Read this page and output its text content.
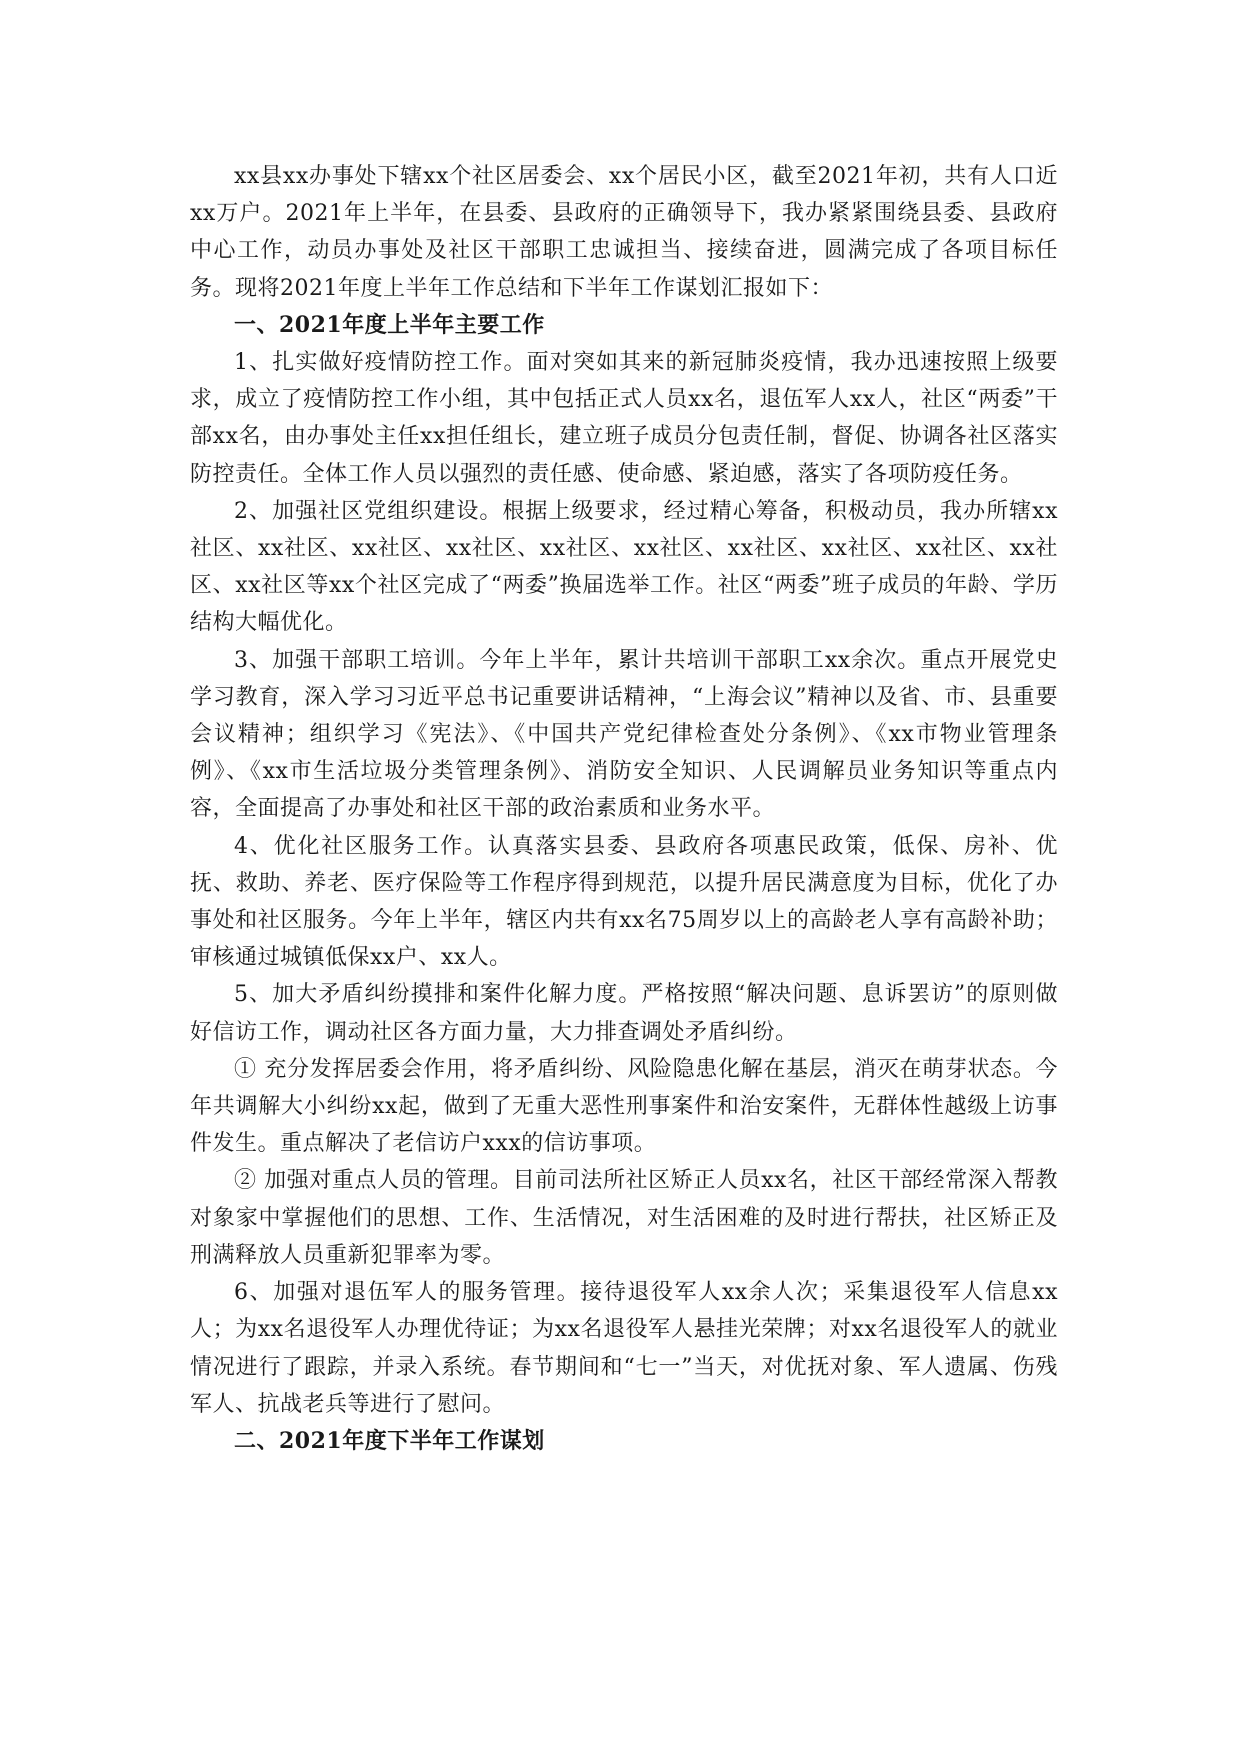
xx县xx办事处下辖xx个社区居委会、xx个居民小区，截至2021年初，共有人口近xx万户。2021年上半年，在县委、县政府的正确领导下，我办紧紧围绕县委、县政府中心工作，动员办事处及社区干部职工忠诚担当、接续奋进，圆满完成了各项目标任务。现将2021年度上半年工作总结和下半年工作谋划汇报如下：

一、2021年度上半年主要工作

1、扎实做好疫情防控工作。面对突如其来的新冠肺炎疫情，我办迅速按照上级要求，成立了疫情防控工作小组，其中包括正式人员xx名，退伍军人xx人，社区“两委”干部xx名，由办事处主任xx担任组长，建立班子成员分包责任制，督促、协调各社区落实防控责任。全体工作人员以强烈的责任感、使命感、紧迫感，落实了各项防疫任务。

2、加强社区党组织建设。根据上级要求，经过精心筹备，积极动员，我办所辖xx社区、xx社区、xx社区、xx社区、xx社区、xx社区、xx社区、xx社区、xx社区、xx社区、xx社区等xx个社区完成了“两委”换届选举工作。社区“两委”班子成员的年龄、学历结构大幅优化。

3、加强干部职工培训。今年上半年，累计共培训干部职工xx余次。重点开展党史学习教育，深入学习习近平总书记重要讲话精神，“上海会议”精神以及省、市、县重要会议精神；组织学习《宪法》、《中国共产党纪律检查处分条例》、《xx市物业管理条例》、《xx市生活垃圾分类管理条例》、消防安全知识、人民调解员业务知识等重点内容，全面提高了办事处和社区干部的政治素质和业务水平。

4、优化社区服务工作。认真落实县委、县政府各项惠民政策，低保、房补、优抚、救助、养老、医疗保险等工作程序得到规范，以提升居民满意度为目标，优化了办事处和社区服务。今年上半年，辖区内共有xx名75周岁以上的高龄老人享有高龄补助；审核通过城镇低保xx户、xx人。

5、加大矛盾纠纷摸排和案件化解力度。严格按照“解决问题、息诉罢访”的原则做好信访工作，调动社区各方面力量，大力排查调处矛盾纠纷。

① 充分发挥居委会作用，将矛盾纠纷、风险隐患化解在基层，消灭在萌芽状态。今年共调解大小纠纷xx起，做到了无重大恶性刑事案件和治安案件，无群体性越级上访事件发生。重点解决了老信访户xxx的信访事项。

② 加强对重点人员的管理。目前司法所社区矫正人员xx名，社区干部经常深入帮教对象家中掌握他们的思想、工作、生活情况，对生活困难的及时进行帮扶，社区矫正及刑满释放人员重新犯罪率为零。

6、加强对退伍军人的服务管理。接待退役军人xx余人次；采集退役军人信息xx人；为xx名退役军人办理优待证；为xx名退役军人悬挂光荣牌；对xx名退役军人的就业情况进行了跟踪，并录入系统。春节期间和“七一”当天，对优抚对象、军人遗属、伤残军人、抗战老兵等进行了慰问。

二、2021年度下半年工作谋划
